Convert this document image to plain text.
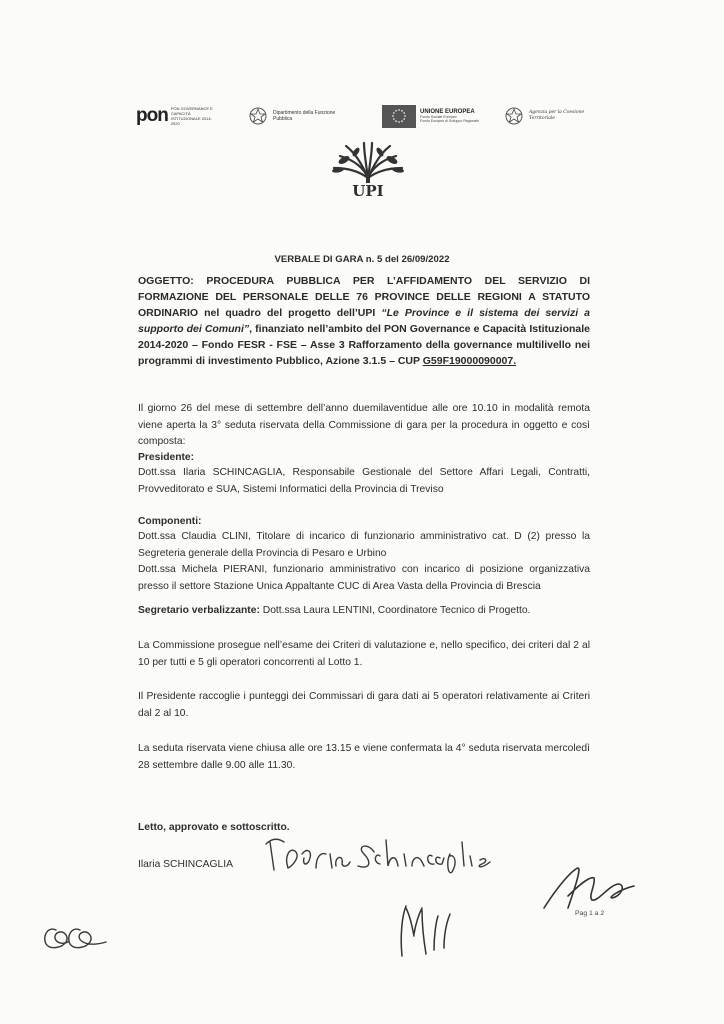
pon PON GOVERNANCE E CAPACITÀ ISTITUZIONALE 2014-2020
Dipartimento della Funzione Pubblica
UNIONE EUROPEA
Fondo Sociale Europeo
Fondo Europeo di Sviluppo Regionale
Agenzia per la Coesione Territoriale
UPI
VERBALE DI GARA n. 5 del 26/09/2022
OGGETTO: PROCEDURA PUBBLICA PER L’AFFIDAMENTO DEL SERVIZIO DI FORMAZIONE DEL PERSONALE DELLE 76 PROVINCE DELLE REGIONI A STATUTO ORDINARIO nel quadro del progetto dell’UPI “Le Province e il sistema dei servizi a supporto dei Comuni”, finanziato nell’ambito del PON Governance e Capacità Istituzionale 2014-2020 – Fondo FESR - FSE – Asse 3 Rafforzamento della governance multilivello nei programmi di investimento Pubblico, Azione 3.1.5 – CUP G59F19000090007.
Il giorno 26 del mese di settembre dell’anno duemilaventidue alle ore 10.10 in modalità remota viene aperta la 3° seduta riservata della Commissione di gara per la procedura in oggetto e così composta:
Presidente:
Dott.ssa Ilaria SCHINCAGLIA, Responsabile Gestionale del Settore Affari Legali, Contratti, Provveditorato e SUA, Sistemi Informatici della Provincia di Treviso
Componenti:
Dott.ssa Claudia CLINI, Titolare di incarico di funzionario amministrativo cat. D (2) presso la Segreteria generale della Provincia di Pesaro e Urbino
Dott.ssa Michela PIERANI, funzionario amministrativo con incarico di posizione organizzativa presso il settore Stazione Unica Appaltante CUC di Area Vasta della Provincia di Brescia
Segretario verbalizzante: Dott.ssa Laura LENTINI, Coordinatore Tecnico di Progetto.
La Commissione prosegue nell’esame dei Criteri di valutazione e, nello specifico, dei criteri dal 2 al 10 per tutti e 5 gli operatori concorrenti al Lotto 1.
Il Presidente raccoglie i punteggi dei Commissari di gara dati ai 5 operatori relativamente ai Criteri dal 2 al 10.
La seduta riservata viene chiusa alle ore 13.15 e viene confermata la 4° seduta riservata mercoledì 28 settembre dalle 9.00 alle 11.30.
Letto, approvato e sottoscritto.
Ilaria SCHINCAGLIA
Pag 1 a 2
